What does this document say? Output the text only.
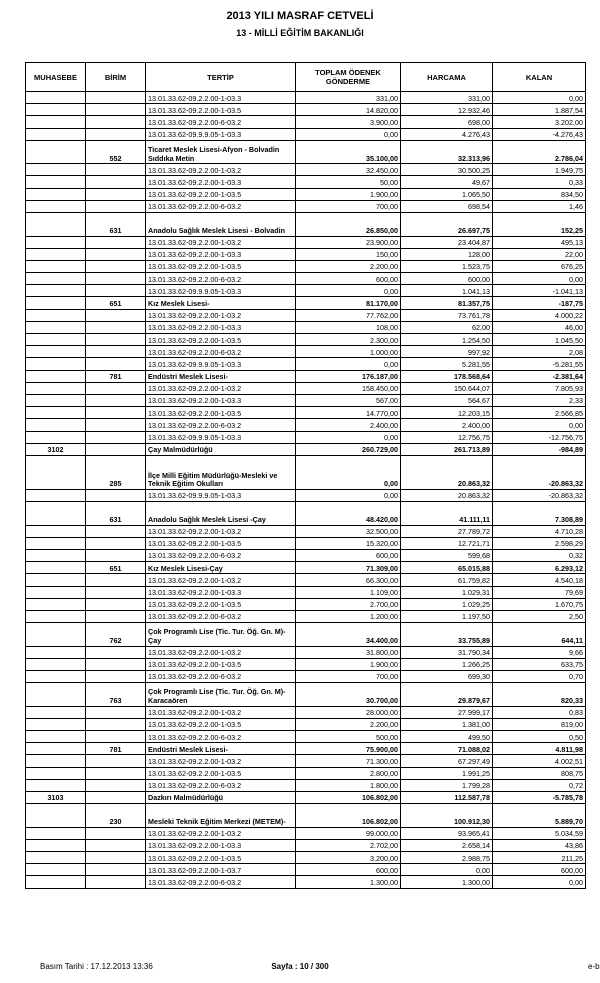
2013 YILI MASRAF CETVELİ
13 - MİLLİ EĞİTİM BAKANLIĞI
MUHASEBE	BİRİM	TERTİP	TOPLAM ÖDENEK GÖNDERME	HARCAMA	KALAN
		13.01.33.62-09.2.2.00-1-03.3	331,00	331,00	0,00
		13.01.33.62-09.2.2.00-1-03.5	14.820,00	12.932,46	1.887,54
		13.01.33.62-09.2.2.00-6-03.2	3.900,00	698,00	3.202,00
		13.01.33.62-09.9.9.05-1-03.3	0,00	4.276,43	-4.276,43
	552	Ticaret Meslek Lisesi-Afyon - Bolvadin Sıddıka Metin	35.100,00	32.313,96	2.786,04
		13.01.33.62-09.2.2.00-1-03.2	32.450,00	30.500,25	1.949,75
		13.01.33.62-09.2.2.00-1-03.3	50,00	49,67	0,33
		13.01.33.62-09.2.2.00-1-03.5	1.900,00	1.065,50	834,50
		13.01.33.62-09.2.2.00-6-03.2	700,00	698,54	1,46
	631	Anadolu Sağlık Meslek Lisesi - Bolvadin	26.850,00	26.697,75	152,25
		13.01.33.62-09.2.2.00-1-03.2	23.900,00	23.404,87	495,13
		13.01.33.62-09.2.2.00-1-03.3	150,00	128,00	22,00
		13.01.33.62-09.2.2.00-1-03.5	2.200,00	1.523,75	676,25
		13.01.33.62-09.2.2.00-6-03.2	600,00	600,00	0,00
		13.01.33.62-09.9.9.05-1-03.3	0,00	1.041,13	-1.041,13
	651	Kız Meslek Lisesi-	81.170,00	81.357,75	-187,75
		13.01.33.62-09.2.2.00-1-03.2	77.762,00	73.761,78	4.000,22
		13.01.33.62-09.2.2.00-1-03.3	108,00	62,00	46,00
		13.01.33.62-09.2.2.00-1-03.5	2.300,00	1.254,50	1.045,50
		13.01.33.62-09.2.2.00-6-03.2	1.000,00	997,92	2,08
		13.01.33.62-09.9.9.05-1-03.3	0,00	5.281,55	-5.281,55
	781	Endüstri Meslek Lisesi-	176.187,00	178.568,64	-2.381,64
		13.01.33.62-09.2.2.00-1-03.2	158.450,00	150.644,07	7.805,93
		13.01.33.62-09.2.2.00-1-03.3	567,00	564,67	2,33
		13.01.33.62-09.2.2.00-1-03.5	14.770,00	12.203,15	2.566,85
		13.01.33.62-09.2.2.00-6-03.2	2.400,00	2.400,00	0,00
		13.01.33.62-09.9.9.05-1-03.3	0,00	12.756,75	-12.756,75
3102		Çay Malmüdürlüğü	260.729,00	261.713,89	-984,89
	285	İlçe Milli Eğitim Müdürlüğü-Mesleki ve Teknik Eğitim Okulları	0,00	20.863,32	-20.863,32
		13.01.33.62-09.9.9.05-1-03.3	0,00	20.863,32	-20.863,32
	631	Anadolu Sağlık Meslek Lisesi -Çay	48.420,00	41.111,11	7.308,89
		13.01.33.62-09.2.2.00-1-03.2	32.500,00	27.789,72	4.710,28
		13.01.33.62-09.2.2.00-1-03.5	15.320,00	12.721,71	2.598,29
		13.01.33.62-09.2.2.00-6-03.2	600,00	599,68	0,32
	651	Kız Meslek Lisesi-Çay	71.309,00	65.015,88	6.293,12
		13.01.33.62-09.2.2.00-1-03.2	66.300,00	61.759,82	4.540,18
		13.01.33.62-09.2.2.00-1-03.3	1.109,00	1.029,31	79,69
		13.01.33.62-09.2.2.00-1-03.5	2.700,00	1.029,25	1.670,75
		13.01.33.62-09.2.2.00-6-03.2	1.200,00	1.197,50	2,50
	762	Çok Programlı Lise (Tic. Tur. Öğ. Gn. M)-Çay	34.400,00	33.755,89	644,11
		13.01.33.62-09.2.2.00-1-03.2	31.800,00	31.790,34	9,66
		13.01.33.62-09.2.2.00-1-03.5	1.900,00	1.266,25	633,75
		13.01.33.62-09.2.2.00-6-03.2	700,00	699,30	0,70
	763	Çok Programlı Lise (Tic. Tur. Öğ. Gn. M)-Karacaören	30.700,00	29.879,67	820,33
		13.01.33.62-09.2.2.00-1-03.2	28.000,00	27.999,17	0,83
		13.01.33.62-09.2.2.00-1-03.5	2.200,00	1.381,00	819,00
		13.01.33.62-09.2.2.00-6-03.2	500,00	499,50	0,50
	781	Endüstri Meslek Lisesi-	75.900,00	71.088,02	4.811,98
		13.01.33.62-09.2.2.00-1-03.2	71.300,00	67.297,49	4.002,51
		13.01.33.62-09.2.2.00-1-03.5	2.800,00	1.991,25	808,75
		13.01.33.62-09.2.2.00-6-03.2	1.800,00	1.799,28	0,72
3103		Dazkırı Malmüdürlüğü	106.802,00	112.587,78	-5.785,78
	230	Mesleki Teknik Eğitim Merkezi (METEM)-	106.802,00	100.912,30	5.889,70
		13.01.33.62-09.2.2.00-1-03.2	99.000,00	93.965,41	5.034,59
		13.01.33.62-09.2.2.00-1-03.3	2.702,00	2.658,14	43,86
		13.01.33.62-09.2.2.00-1-03.5	3.200,00	2.988,75	211,25
		13.01.33.62-09.2.2.00-1-03.7	600,00	0,00	600,00
		13.01.33.62-09.2.2.00-6-03.2	1.300,00	1.300,00	0,00
Basım Tarihi : 17.12.2013 13:36	Sayfa : 10 / 300	e-b
